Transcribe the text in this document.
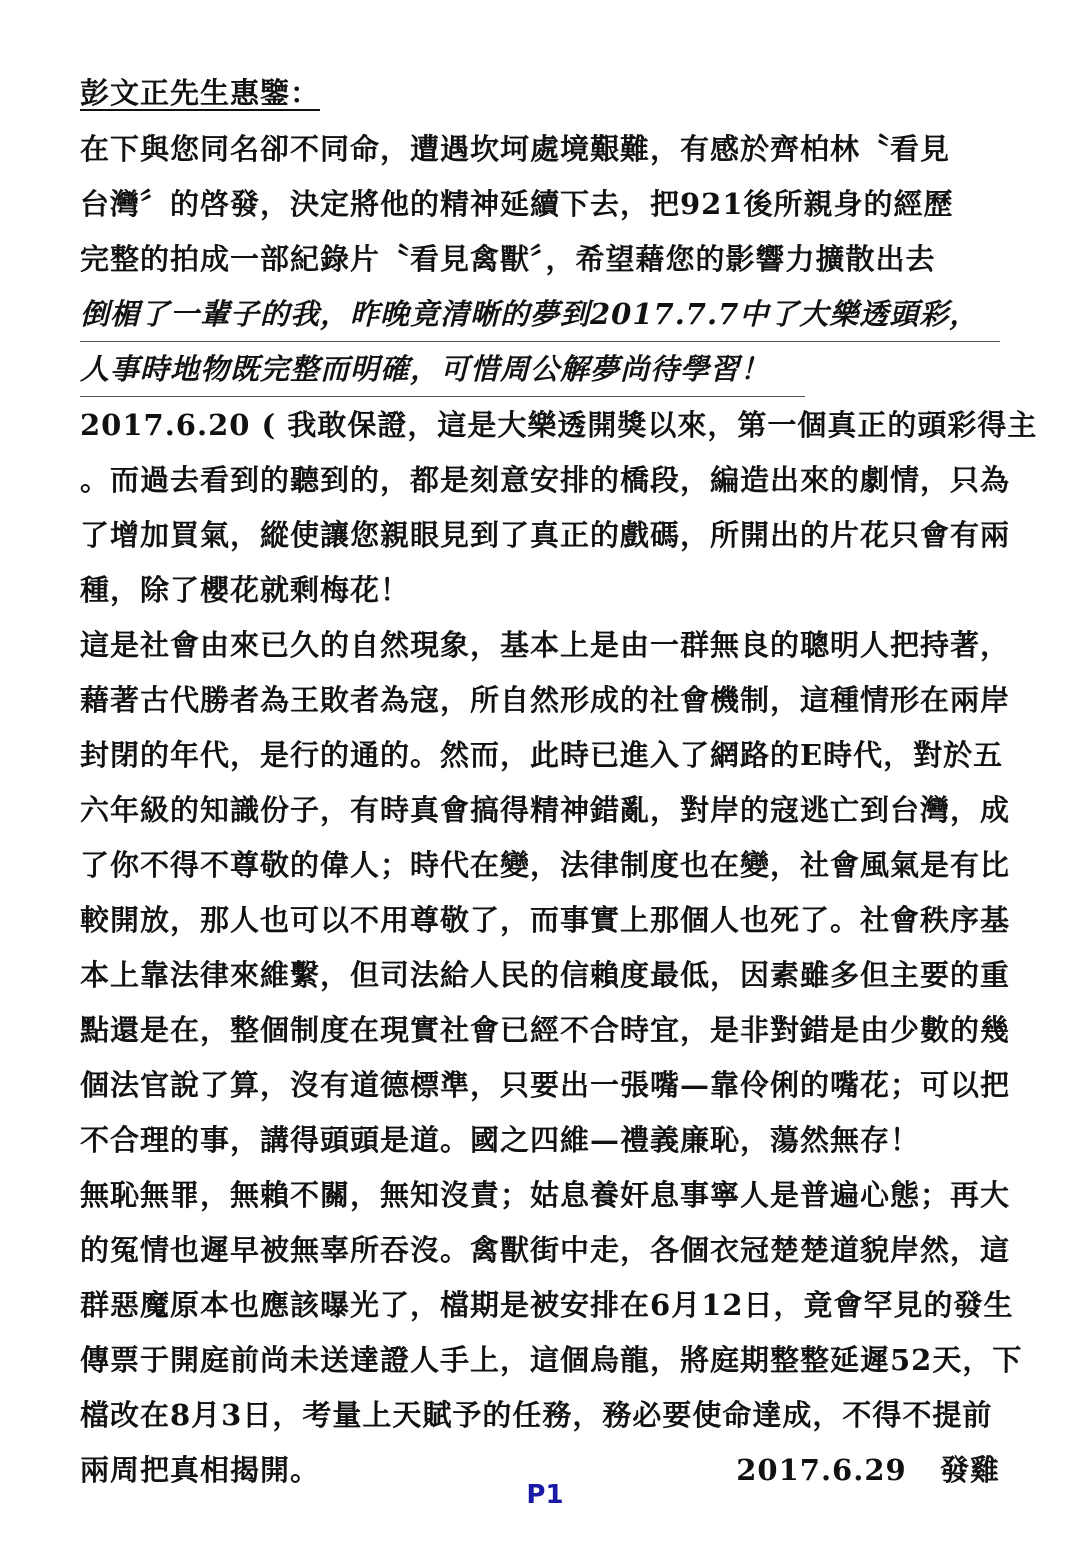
彭文正先生惠鑒：
在下與您同名卻不同命，遭遇坎坷處境艱難，有感於齊柏林〝看見
台灣〞的啓發，決定將他的精神延續下去，把921後所親身的經歷
完整的拍成一部紀錄片〝看見禽獸〞，希望藉您的影響力擴散出去
倒楣了一輩子的我，昨晚竟清晰的夢到2017.7.7中了大樂透頭彩，
人事時地物既完整而明確，可惜周公解夢尚待學習！
2017.6.20 ( 我敢保證，這是大樂透開獎以來，第一個真正的頭彩得主
。而過去看到的聽到的，都是刻意安排的橋段，編造出來的劇情，只為
了增加買氣，縱使讓您親眼見到了真正的戲碼，所開出的片花只會有兩
種，除了櫻花就剩梅花！
這是社會由來已久的自然現象，基本上是由一群無良的聰明人把持著，
藉著古代勝者為王敗者為寇，所自然形成的社會機制，這種情形在兩岸
封閉的年代，是行的通的。然而，此時已進入了網路的E時代，對於五
六年級的知識份子，有時真會搞得精神錯亂，對岸的寇逃亡到台灣，成
了你不得不尊敬的偉人；時代在變，法律制度也在變，社會風氣是有比
較開放，那人也可以不用尊敬了，而事實上那個人也死了。社會秩序基
本上靠法律來維繫，但司法給人民的信賴度最低，因素雖多但主要的重
點還是在，整個制度在現實社會已經不合時宜，是非對錯是由少數的幾
個法官說了算，沒有道德標準，只要出一張嘴—靠伶俐的嘴花；可以把
不合理的事，講得頭頭是道。國之四維—禮義廉恥，蕩然無存！
無恥無罪，無賴不關，無知沒責；姑息養奸息事寧人是普遍心態；再大
的冤情也遲早被無辜所吞沒。禽獸街中走，各個衣冠楚楚道貌岸然，這
群惡魔原本也應該曝光了，檔期是被安排在6月12日，竟會罕見的發生
傳票于開庭前尚未送達證人手上，這個烏龍，將庭期整整延遲52天，下
檔改在8月3日，考量上天賦予的任務，務必要使命達成，不得不提前
兩周把真相揭開。	2017.6.29 發雞
P1
